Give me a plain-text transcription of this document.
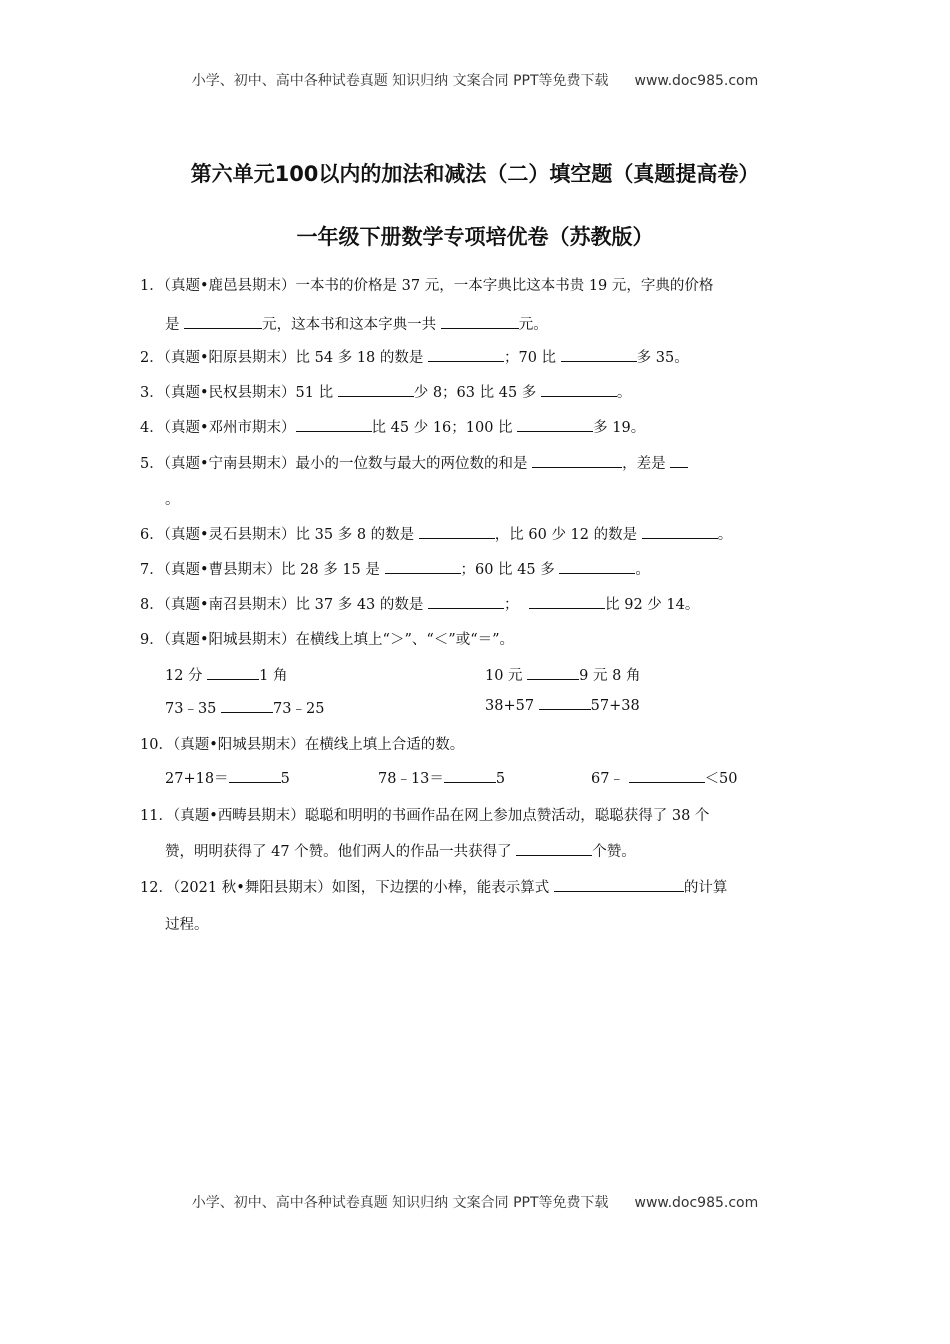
小学、初中、高中各种试卷真题 知识归纳 文案合同 PPT等免费下载 www.doc985.com
第六单元100以内的加法和减法（二）填空题（真题提高卷）
一年级下册数学专项培优卷（苏教版）
1．（真题•鹿邑县期末）一本书的价格是 37 元，一本字典比这本书贵 19 元，字典的价格
是	元，这本书和这本字典一共	元。
2．（真题•阳原县期末）比 54 多 18 的数是	；70 比	多 35。
3．（真题•民权县期末）51 比	少 8；63 比 45 多	。
4．（真题•邓州市期末）	比 45 少 16；100 比	多 19。
5．（真题•宁南县期末）最小的一位数与最大的两位数的和是	，差是
。
6．（真题•灵石县期末）比 35 多 8 的数是	，比 60 少 12 的数是	。
7．（真题•曹县期末）比 28 多 15 是	；60 比 45 多	。
8．（真题•南召县期末）比 37 多 43 的数是	；	比 92 少 14。
9．（真题•阳城县期末）在横线上填上“＞”、“＜”或“＝”。
12 分	1 角	10 元	9 元 8 角
73﹣35	73﹣25	38+57	57+38
10．（真题•阳城县期末）在横线上填上合适的数。
27+18＝	5	78﹣13＝	5	67﹣	＜50
11．（真题•西畴县期末）聪聪和明明的书画作品在网上参加点赞活动，聪聪获得了 38 个
赞，明明获得了 47 个赞。他们两人的作品一共获得了	个赞。
12．（2021 秋•舞阳县期末）如图，下边摆的小棒，能表示算式	的计算
过程。
小学、初中、高中各种试卷真题 知识归纳 文案合同 PPT等免费下载 www.doc985.com
